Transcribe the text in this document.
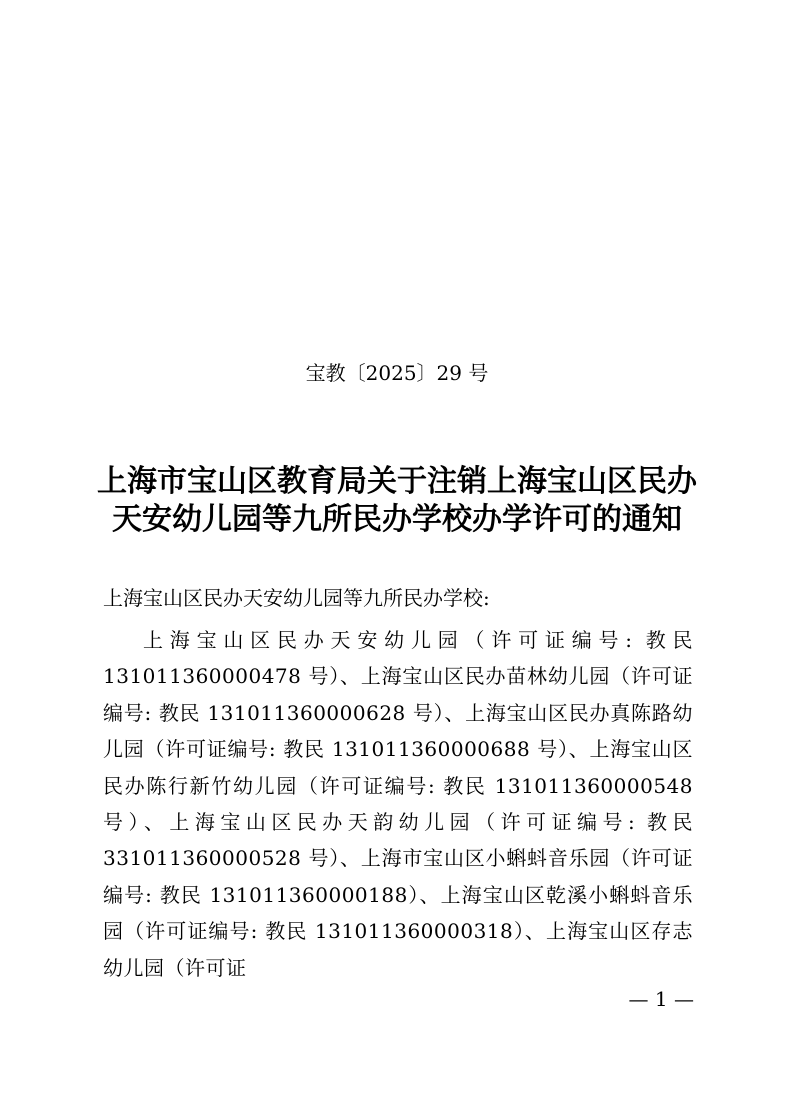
宝教〔2025〕29 号
上海市宝山区教育局关于注销上海宝山区民办
天安幼儿园等九所民办学校办学许可的通知
上海宝山区民办天安幼儿园等九所民办学校:

上海宝山区民办天安幼儿园（许可证编号: 教民 131011360000478 号）、上海宝山区民办苗林幼儿园（许可证编号: 教民 131011360000628 号）、上海宝山区民办真陈路幼儿园（许可证编号: 教民 131011360000688 号）、上海宝山区民办陈行新竹幼儿园（许可证编号: 教民 131011360000548 号）、上海宝山区民办天韵幼儿园（许可证编号: 教民 331011360000528 号）、上海市宝山区小蝌蚪音乐园（许可证编号: 教民 131011360000188）、上海宝山区乾溪小蝌蚪音乐园（许可证编号: 教民 131011360000318）、上海宝山区存志幼儿园（许可证

— 1 —
